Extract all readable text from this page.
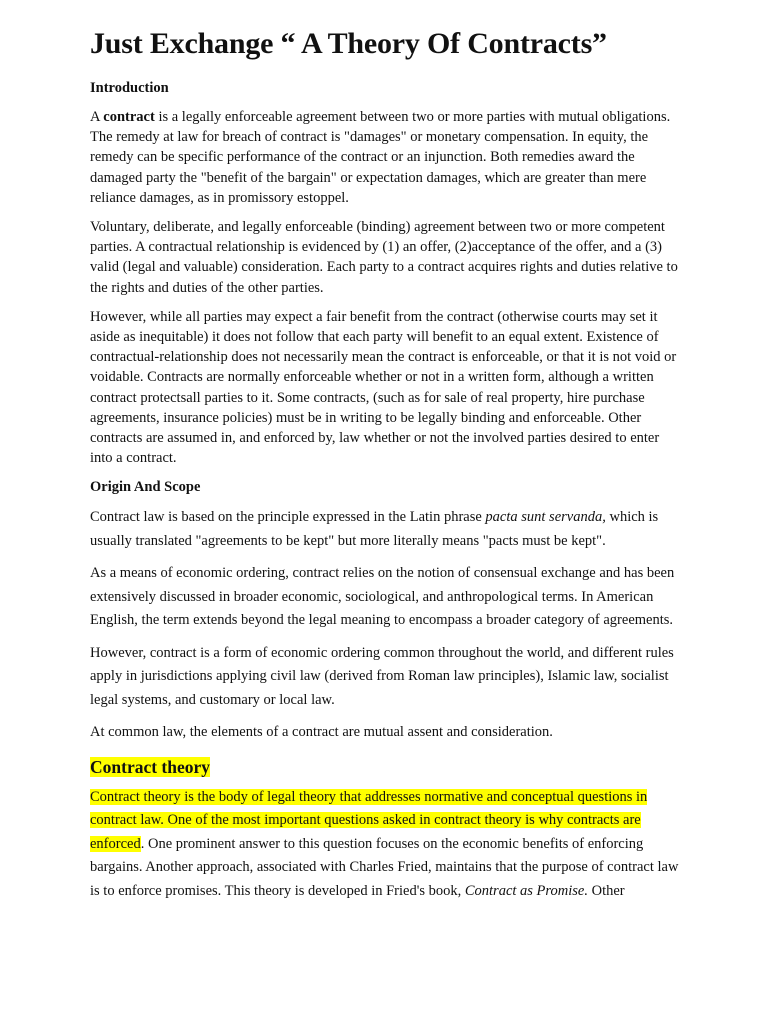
Just Exchange “ A Theory Of Contracts”
Introduction

A contract is a legally enforceable agreement between two or more parties with mutual obligations. The remedy at law for breach of contract is "damages" or monetary compensation. In equity, the remedy can be specific performance of the contract or an injunction. Both remedies award the damaged party the "benefit of the bargain" or expectation damages, which are greater than mere reliance damages, as in promissory estoppel.

Voluntary, deliberate, and legally enforceable (binding) agreement between two or more competent parties. A contractual relationship is evidenced by (1) an offer, (2)acceptance of the offer, and a (3) valid (legal and valuable) consideration. Each party to a contract acquires rights and duties relative to the rights and duties of the other parties.

However, while all parties may expect a fair benefit from the contract (otherwise courts may set it aside as inequitable) it does not follow that each party will benefit to an equal extent. Existence of contractual-relationship does not necessarily mean the contract is enforceable, or that it is not void or voidable. Contracts are normally enforceable whether or not in a written form, although a written contract protectsall parties to it. Some contracts, (such as for sale of real property, hire purchase agreements, insurance policies) must be in writing to be legally binding and enforceable. Other contracts are assumed in, and enforced by, law whether or not the involved parties desired to enter into a contract.

Origin And Scope

Contract law is based on the principle expressed in the Latin phrase pacta sunt servanda, which is usually translated "agreements to be kept" but more literally means "pacts must be kept".

As a means of economic ordering, contract relies on the notion of consensual exchange and has been extensively discussed in broader economic, sociological, and anthropological terms. In American English, the term extends beyond the legal meaning to encompass a broader category of agreements.

However, contract is a form of economic ordering common throughout the world, and different rules apply in jurisdictions applying civil law (derived from Roman law principles), Islamic law, socialist legal systems, and customary or local law.

At common law, the elements of a contract are mutual assent and consideration.

Contract theory

Contract theory is the body of legal theory that addresses normative and conceptual questions in contract law. One of the most important questions asked in contract theory is why contracts are enforced. One prominent answer to this question focuses on the economic benefits of enforcing bargains. Another approach, associated with Charles Fried, maintains that the purpose of contract law is to enforce promises. This theory is developed in Fried's book, Contract as Promise. Other
